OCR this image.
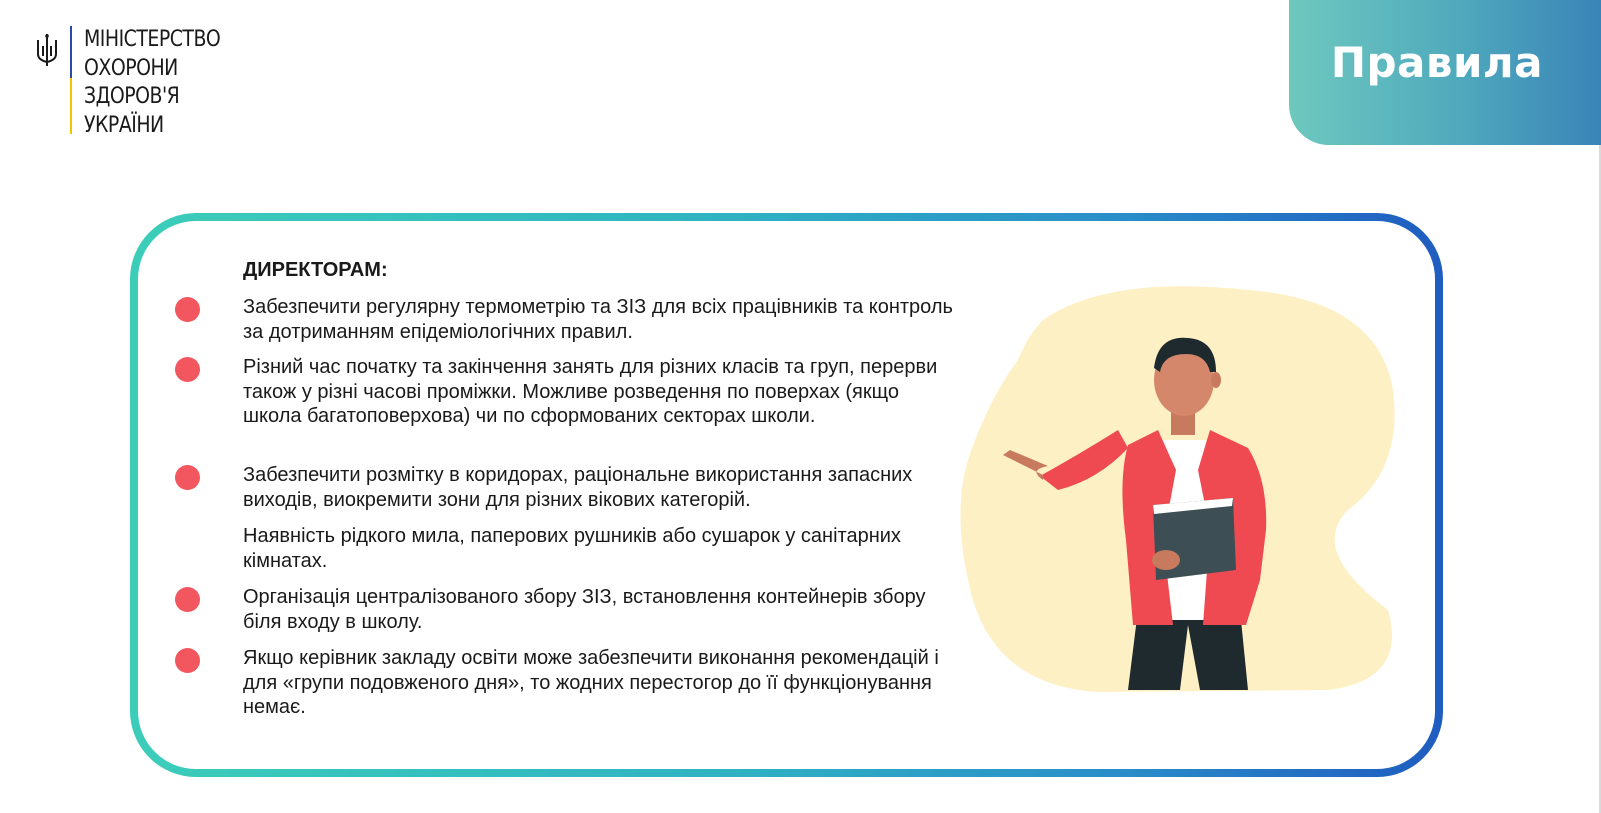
МІНІСТЕРСТВО
ОХОРОНИ
ЗДОРОВ'Я
УКРАЇНИ
Правила
ДИРЕКТОРАМ:
Забезпечити регулярну термометрію та ЗІЗ для всіх працівників та контроль за дотриманням епідеміологічних правил.
Різний час початку та закінчення занять для різних класів та груп, перерви також у різні часові проміжки. Можливе розведення по поверхах (якщо школа багатоповерхова) чи по сформованих секторах школи.
Забезпечити розмітку в коридорах, раціональне використання запасних виходів, виокремити зони для різних вікових категорій.
Наявність рідкого мила, паперових рушників або сушарок у санітарних кімнатах.
Організація централізованого збору ЗІЗ, встановлення контейнерів збору біля входу в школу.
Якщо керівник закладу освіти може забезпечити виконання рекомендацій і для «групи подовженого дня», то жодних перестогор до її функціонування немає.
